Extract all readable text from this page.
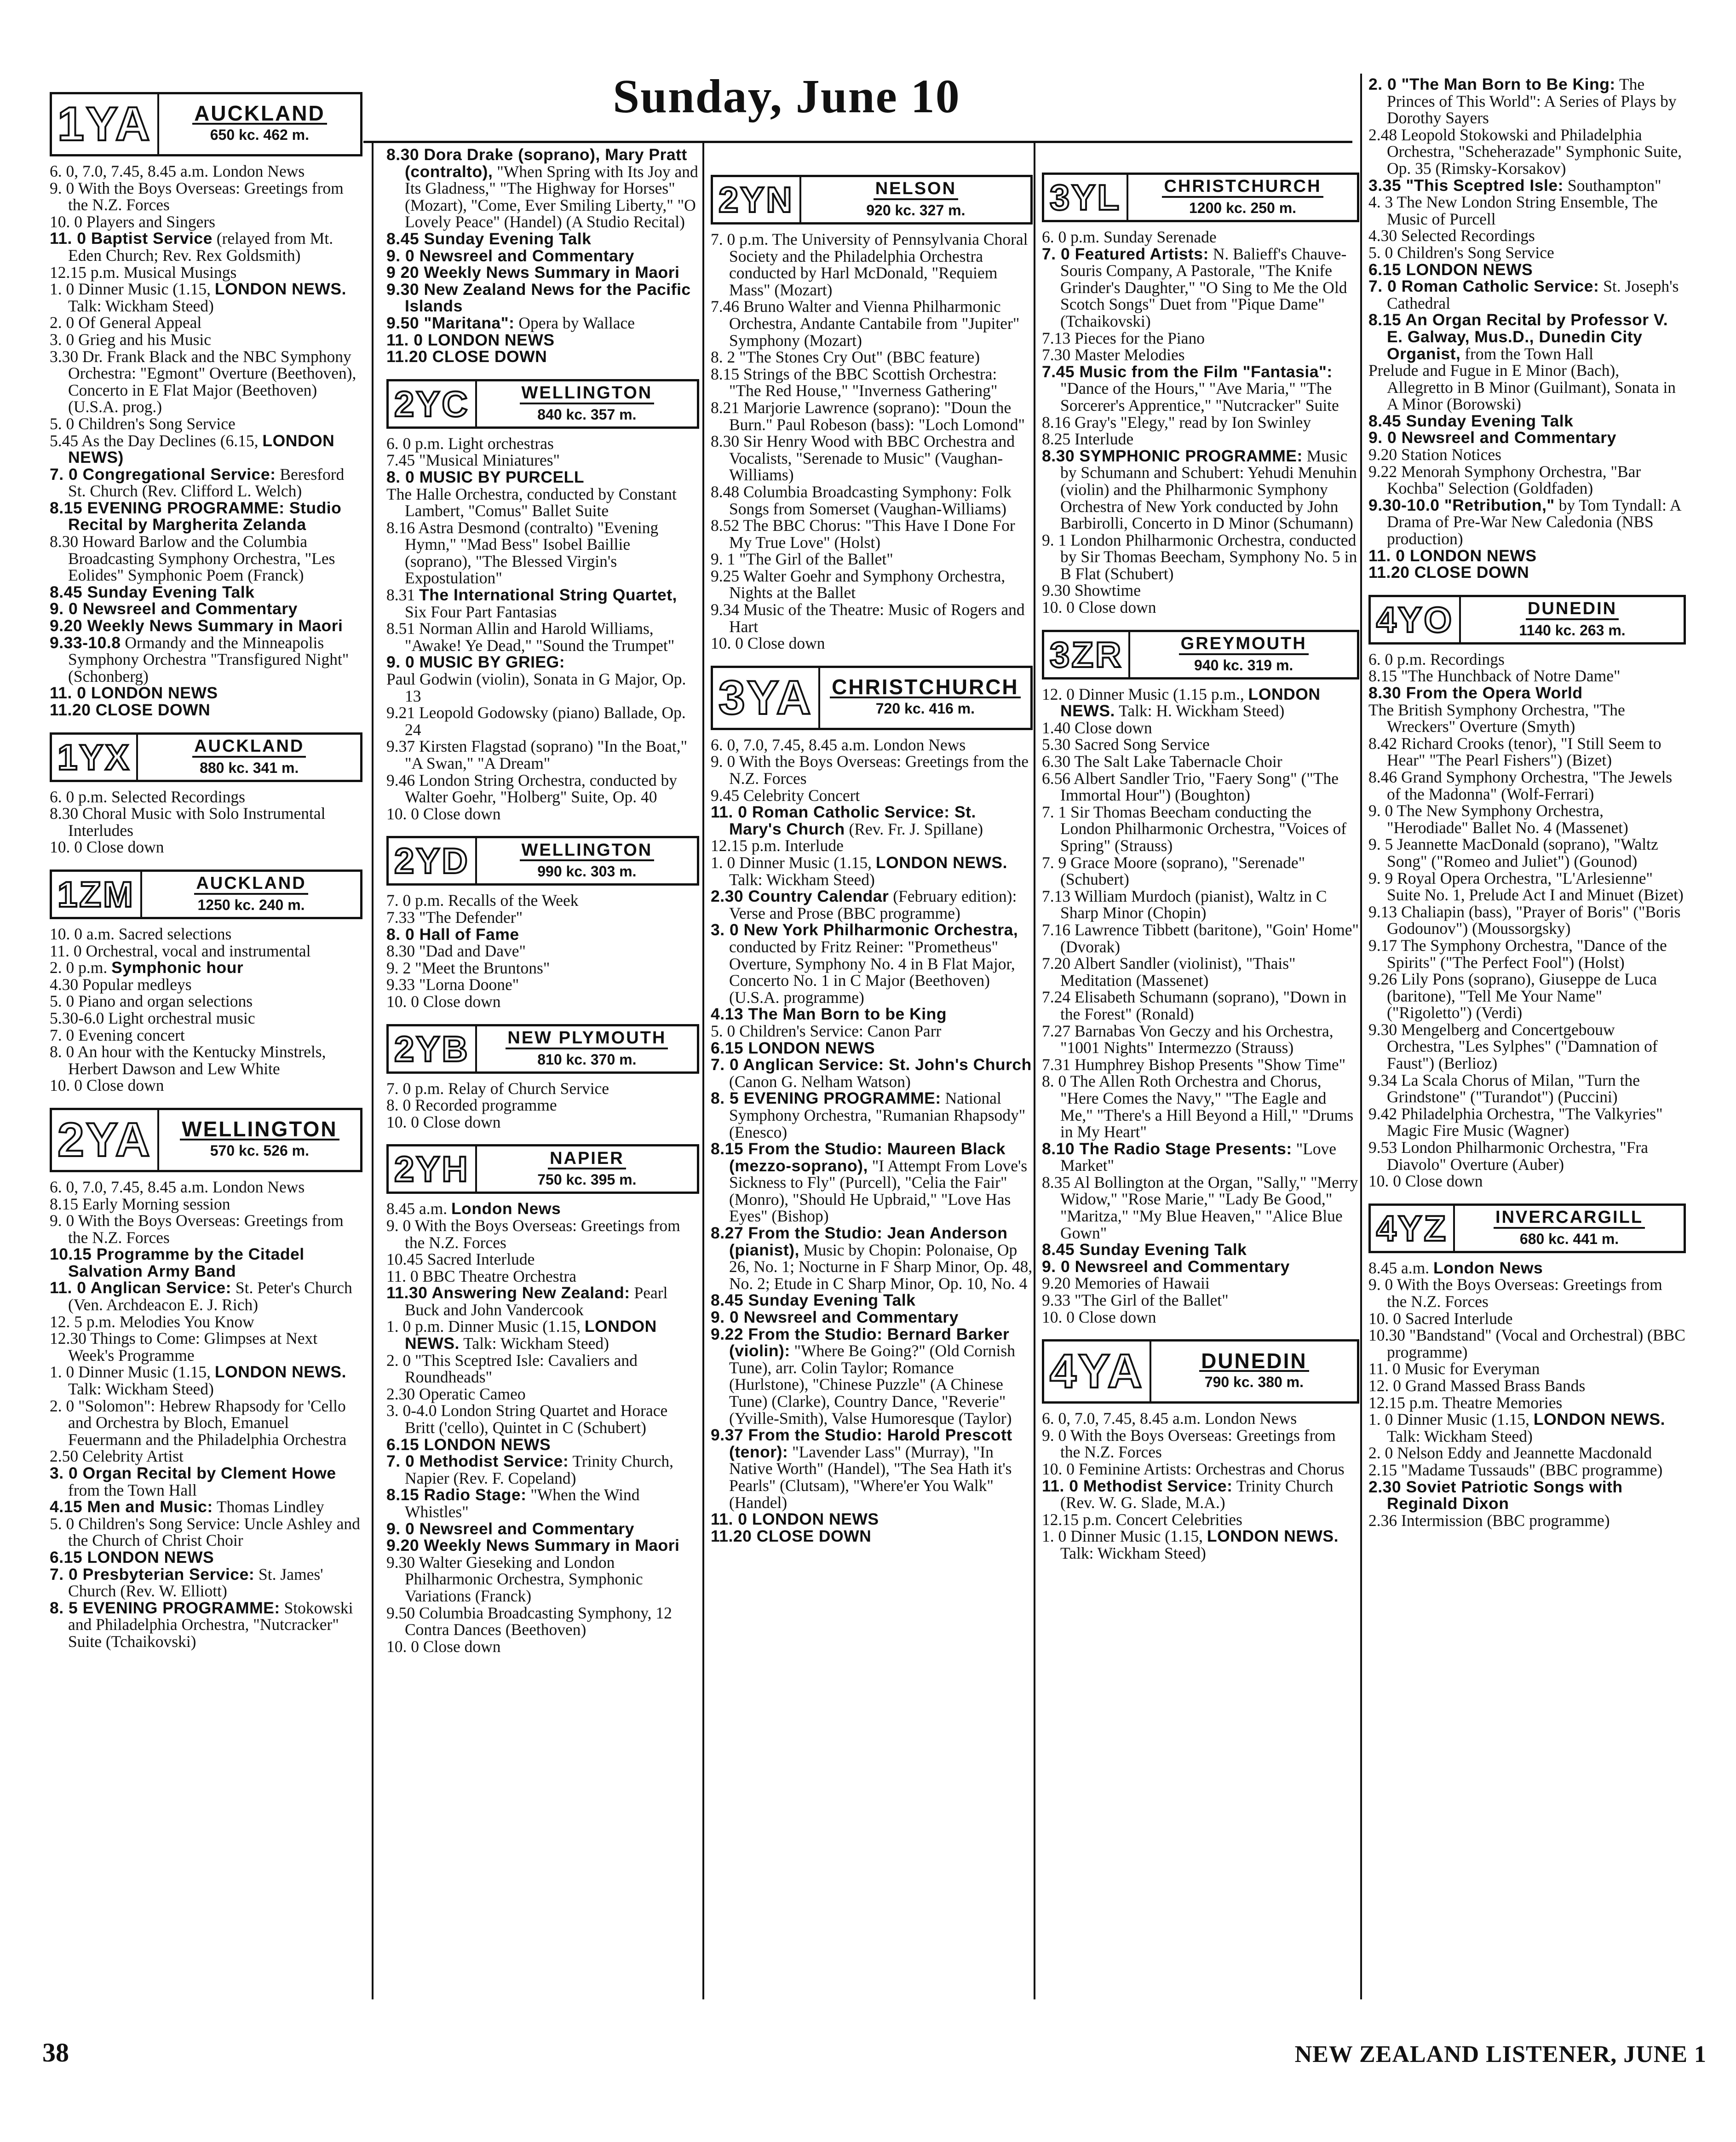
Sunday, June 10
1YA AUCKLAND
650 kc. 462 m.
6. 0, 7.0, 7.45, 8.45 a.m. London News
9. 0 With the Boys Overseas: Greetings from the N.Z. Forces
10. 0 Players and Singers
11. 0 Baptist Service (relayed from Mt. Eden Church; Rev. Rex Goldsmith)
12.15 p.m. Musical Musings
1. 0 Dinner Music (1.15, LONDON NEWS. Talk: Wickham Steed)
2. 0 Of General Appeal
3. 0 Grieg and his Music
3.30 Dr. Frank Black and the NBC Symphony Orchestra: "Egmont" Overture (Beethoven), Concerto in E Flat Major (Beethoven) (U.S.A. prog.)
5. 0 Children's Song Service
5.45 As the Day Declines (6.15, LONDON NEWS)
7. 0 Congregational Service: Beresford St. Church (Rev. Clifford L. Welch)
8.15 EVENING PROGRAMME: Studio Recital by Margherita Zelanda
8.30 Howard Barlow and the Columbia Broadcasting Symphony Orchestra, "Les Eolides" Symphonic Poem (Franck)
8.45 Sunday Evening Talk
9. 0 Newsreel and Commentary
9.20 Weekly News Summary in Maori
9.33-10.8 Ormandy and the Minneapolis Symphony Orchestra "Transfigured Night" (Schonberg)
11. 0 LONDON NEWS
11.20 CLOSE DOWN
1YX	AUCKLAND
880 kc. 341 m.
6. 0 p.m. Selected Recordings
8.30 Choral Music with Solo Instrumental Interludes
10. 0 Close down
1ZM	AUCKLAND
1250 kc. 240 m.
10. 0 a.m. Sacred selections
11. 0 Orchestral, vocal and instrumental
2. 0 p.m. Symphonic hour
4.30 Popular medleys
5. 0 Piano and organ selections
5.30-6.0 Light orchestral music
7. 0 Evening concert
8. 0 An hour with the Kentucky Minstrels, Herbert Dawson and Lew White
10. 0 Close down
2YA WELLINGTON
570 kc. 526 m.
6. 0, 7.0, 7.45, 8.45 a.m. London News
8.15 Early Morning session
9. 0 With the Boys Overseas: Greetings from the N.Z. Forces
10.15 Programme by the Citadel Salvation Army Band
11. 0 Anglican Service: St. Peter's Church (Ven. Archdeacon E. J. Rich)
12. 5 p.m. Melodies You Know
12.30 Things to Come: Glimpses at Next Week's Programme
1. 0 Dinner Music (1.15, LONDON NEWS. Talk: Wickham Steed)
2. 0 "Solomon": Hebrew Rhapsody for 'Cello and Orchestra by Bloch, Emanuel Feuermann and the Philadelphia Orchestra
2.50 Celebrity Artist
3. 0 Organ Recital by Clement Howe from the Town Hall
4.15 Men and Music: Thomas Lindley
5. 0 Children's Song Service: Uncle Ashley and the Church of Christ Choir
6.15 LONDON NEWS
7. 0 Presbyterian Service: St. James' Church (Rev. W. Elliott)
8. 5 EVENING PROGRAMME: Stokowski and Philadelphia Orchestra, "Nutcracker" Suite (Tchaikovski)
8.30 Dora Drake (soprano), Mary Pratt (contralto), "When Spring with Its Joy and Its Gladness," "The Highway for Horses" (Mozart), "Come, Ever Smiling Liberty," "O Lovely Peace" (Handel) (A Studio Recital)
8.45 Sunday Evening Talk
9. 0 Newsreel and Commentary
9 20 Weekly News Summary in Maori
9.30 New Zealand News for the Pacific Islands
9.50 "Maritana": Opera by Wallace
11. 0 LONDON NEWS
11.20 CLOSE DOWN
2YC	WELLINGTON
840 kc. 357 m.
6. 0 p.m. Light orchestras
7.45 "Musical Miniatures"
8. 0 MUSIC BY PURCELL
The Halle Orchestra, conducted by Constant Lambert, "Comus" Ballet Suite
8.16 Astra Desmond (contralto) "Evening Hymn," "Mad Bess" Isobel Baillie (soprano), "The Blessed Virgin's Expostulation"
8.31 The International String Quartet, Six Four Part Fantasias
8.51 Norman Allin and Harold Williams, "Awake! Ye Dead," "Sound the Trumpet"
9. 0 MUSIC BY GRIEG:
Paul Godwin (violin), Sonata in G Major, Op. 13
9.21 Leopold Godowsky (piano) Ballade, Op. 24
9.37 Kirsten Flagstad (soprano) "In the Boat," "A Swan," "A Dream"
9.46 London String Orchestra, conducted by Walter Goehr, "Holberg" Suite, Op. 40
10. 0 Close down
2YD	WELLINGTON
990 kc. 303 m.
7. 0 p.m. Recalls of the Week
7.33 "The Defender"
8. 0 Hall of Fame
8.30 "Dad and Dave"
9. 2 "Meet the Bruntons"
9.33 "Lorna Doone"
10. 0 Close down
2YB NEW PLYMOUTH
810 kc. 370 m.
7. 0 p.m. Relay of Church Service
8. 0 Recorded programme
10. 0 Close down
2YH	NAPIER
750 kc. 395 m.
8.45 a.m. London News
9. 0 With the Boys Overseas: Greetings from the N.Z. Forces
10.45 Sacred Interlude
11. 0 BBC Theatre Orchestra
11.30 Answering New Zealand: Pearl Buck and John Vandercook
1. 0 p.m. Dinner Music (1.15, LONDON NEWS. Talk: Wickham Steed)
2. 0 "This Sceptred Isle: Cavaliers and Roundheads"
2.30 Operatic Cameo
3. 0-4.0 London String Quartet and Horace Britt ('cello), Quintet in C (Schubert)
6.15 LONDON NEWS
7. 0 Methodist Service: Trinity Church, Napier (Rev. F. Copeland)
8.15 Radio Stage: "When the Wind Whistles"
9. 0 Newsreel and Commentary
9.20 Weekly News Summary in Maori
9.30 Walter Gieseking and London Philharmonic Orchestra, Symphonic Variations (Franck)
9.50 Columbia Broadcasting Symphony, 12 Contra Dances (Beethoven)
10. 0 Close down
2YN	NELSON
920 kc. 327 m.
7. 0 p.m. The University of Pennsylvania Choral Society and the Philadelphia Orchestra conducted by Harl McDonald, "Requiem Mass" (Mozart)
7.46 Bruno Walter and Vienna Philharmonic Orchestra, Andante Cantabile from "Jupiter" Symphony (Mozart)
8. 2 "The Stones Cry Out" (BBC feature)
8.15 Strings of the BBC Scottish Orchestra: "The Red House," "Inverness Gathering"
8.21 Marjorie Lawrence (soprano): "Doun the Burn." Paul Robeson (bass): "Loch Lomond"
8.30 Sir Henry Wood with BBC Orchestra and Vocalists, "Serenade to Music" (Vaughan-Williams)
8.48 Columbia Broadcasting Symphony: Folk Songs from Somerset (Vaughan-Williams)
8.52 The BBC Chorus: "This Have I Done For My True Love" (Holst)
9. 1 "The Girl of the Ballet"
9.25 Walter Goehr and Symphony Orchestra, Nights at the Ballet
9.34 Music of the Theatre: Music of Rogers and Hart
10. 0 Close down
3YA CHRISTCHURCH
720 kc. 416 m.
6. 0, 7.0, 7.45, 8.45 a.m. London News
9. 0 With the Boys Overseas: Greetings from the N.Z. Forces
9.45 Celebrity Concert
11. 0 Roman Catholic Service: St. Mary's Church (Rev. Fr. J. Spillane)
12.15 p.m. Interlude
1. 0 Dinner Music (1.15, LONDON NEWS. Talk: Wickham Steed)
2.30 Country Calendar (February edition): Verse and Prose (BBC programme)
3. 0 New York Philharmonic Orchestra, conducted by Fritz Reiner: "Prometheus" Overture, Symphony No. 4 in B Flat Major, Concerto No. 1 in C Major (Beethoven) (U.S.A. programme)
4.13 The Man Born to be King
5. 0 Children's Service: Canon Parr
6.15 LONDON NEWS
7. 0 Anglican Service: St. John's Church (Canon G. Nelham Watson)
8. 5 EVENING PROGRAMME: National Symphony Orchestra, "Rumanian Rhapsody" (Enesco)
8.15 From the Studio: Maureen Black (mezzo-soprano), "I Attempt From Love's Sickness to Fly" (Purcell), "Celia the Fair" (Monro), "Should He Upbraid," "Love Has Eyes" (Bishop)
8.27 From the Studio: Jean Anderson (pianist), Music by Chopin: Polonaise, Op 26, No. 1; Nocturne in F Sharp Minor, Op. 48, No. 2; Etude in C Sharp Minor, Op. 10, No. 4
8.45 Sunday Evening Talk
9. 0 Newsreel and Commentary
9.22 From the Studio: Bernard Barker (violin): "Where Be Going?" (Old Cornish Tune), arr. Colin Taylor; Romance (Hurlstone), "Chinese Puzzle" (A Chinese Tune) (Clarke), Country Dance, "Reverie" (Yville-Smith), Valse Humoresque (Taylor)
9.37 From the Studio: Harold Prescott (tenor): "Lavender Lass" (Murray), "In Native Worth" (Handel), "The Sea Hath it's Pearls" (Clutsam), "Where'er You Walk" (Handel)
11. 0 LONDON NEWS
11.20 CLOSE DOWN
3YL CHRISTCHURCH
1200 kc. 250 m.
6. 0 p.m. Sunday Serenade
7. 0 Featured Artists: N. Balieff's Chauve-Souris Company, A Pastorale, "The Knife Grinder's Daughter," "O Sing to Me the Old Scotch Songs" Duet from "Pique Dame" (Tchaikovski)
7.13 Pieces for the Piano
7.30 Master Melodies
7.45 Music from the Film "Fantasia": "Dance of the Hours," "Ave Maria," "The Sorcerer's Apprentice," "Nutcracker" Suite
8.16 Gray's "Elegy," read by Ion Swinley
8.25 Interlude
8.30 SYMPHONIC PROGRAMME: Music by Schumann and Schubert: Yehudi Menuhin (violin) and the Philharmonic Symphony Orchestra of New York conducted by John Barbirolli, Concerto in D Minor (Schumann)
9. 1 London Philharmonic Orchestra, conducted by Sir Thomas Beecham, Symphony No. 5 in B Flat (Schubert)
9.30 Showtime
10. 0 Close down
3ZR	GREYMOUTH
940 kc. 319 m.
12. 0 Dinner Music (1.15 p.m., LONDON NEWS. Talk: H. Wickham Steed)
1.40 Close down
5.30 Sacred Song Service
6.30 The Salt Lake Tabernacle Choir
6.56 Albert Sandler Trio, "Faery Song" ("The Immortal Hour") (Boughton)
7. 1 Sir Thomas Beecham conducting the London Philharmonic Orchestra, "Voices of Spring" (Strauss)
7. 9 Grace Moore (soprano), "Serenade" (Schubert)
7.13 William Murdoch (pianist), Waltz in C Sharp Minor (Chopin)
7.16 Lawrence Tibbett (baritone), "Goin' Home" (Dvorak)
7.20 Albert Sandler (violinist), "Thais" Meditation (Massenet)
7.24 Elisabeth Schumann (soprano), "Down in the Forest" (Ronald)
7.27 Barnabas Von Geczy and his Orchestra, "1001 Nights" Intermezzo (Strauss)
7.31 Humphrey Bishop Presents "Show Time"
8. 0 The Allen Roth Orchestra and Chorus, "Here Comes the Navy," "The Eagle and Me," "There's a Hill Beyond a Hill," "Drums in My Heart"
8.10 The Radio Stage Presents: "Love Market"
8.35 Al Bollington at the Organ, "Sally," "Merry Widow," "Rose Marie," "Lady Be Good," "Maritza," "My Blue Heaven," "Alice Blue Gown"
8.45 Sunday Evening Talk
9. 0 Newsreel and Commentary
9.20 Memories of Hawaii
9.33 "The Girl of the Ballet"
10. 0 Close down
4YA	DUNEDIN
790 kc. 380 m.
6. 0, 7.0, 7.45, 8.45 a.m. London News
9. 0 With the Boys Overseas: Greetings from the N.Z. Forces
10. 0 Feminine Artists: Orchestras and Chorus
11. 0 Methodist Service: Trinity Church (Rev. W. G. Slade, M.A.)
12.15 p.m. Concert Celebrities
1. 0 Dinner Music (1.15, LONDON NEWS. Talk: Wickham Steed)
2. 0 "The Man Born to Be King: The Princes of This World": A Series of Plays by Dorothy Sayers
2.48 Leopold Stokowski and Philadelphia Orchestra, "Scheherazade" Symphonic Suite, Op. 35 (Rimsky-Korsakov)
3.35 "This Sceptred Isle: Southampton"
4. 3 The New London String Ensemble, The Music of Purcell
4.30 Selected Recordings
5. 0 Children's Song Service
6.15 LONDON NEWS
7. 0 Roman Catholic Service: St. Joseph's Cathedral
8.15 An Organ Recital by Professor V. E. Galway, Mus.D., Dunedin City Organist, from the Town Hall
Prelude and Fugue in E Minor (Bach), Allegretto in B Minor (Guilmant), Sonata in A Minor (Borowski)
8.45 Sunday Evening Talk
9. 0 Newsreel and Commentary
9.20 Station Notices
9.22 Menorah Symphony Orchestra, "Bar Kochba" Selection (Goldfaden)
9.30-10.0 "Retribution," by Tom Tyndall: A Drama of Pre-War New Caledonia (NBS production)
11. 0 LONDON NEWS
11.20 CLOSE DOWN
4YO	DUNEDIN
1140 kc. 263 m.
6. 0 p.m. Recordings
8.15 "The Hunchback of Notre Dame"
8.30 From the Opera World
The British Symphony Orchestra, "The Wreckers" Overture (Smyth)
8.42 Richard Crooks (tenor), "I Still Seem to Hear" "The Pearl Fishers") (Bizet)
8.46 Grand Symphony Orchestra, "The Jewels of the Madonna" (Wolf-Ferrari)
9. 0 The New Symphony Orchestra, "Herodiade" Ballet No. 4 (Massenet)
9. 5 Jeannette MacDonald (soprano), "Waltz Song" ("Romeo and Juliet") (Gounod)
9. 9 Royal Opera Orchestra, "L'Arlesienne" Suite No. 1, Prelude Act I and Minuet (Bizet)
9.13 Chaliapin (bass), "Prayer of Boris" ("Boris Godounov") (Moussorgsky)
9.17 The Symphony Orchestra, "Dance of the Spirits" ("The Perfect Fool") (Holst)
9.26 Lily Pons (soprano), Giuseppe de Luca (baritone), "Tell Me Your Name" ("Rigoletto") (Verdi)
9.30 Mengelberg and Concertgebouw Orchestra, "Les Sylphes" ("Damnation of Faust") (Berlioz)
9.34 La Scala Chorus of Milan, "Turn the Grindstone" ("Turandot") (Puccini)
9.42 Philadelphia Orchestra, "The Valkyries" Magic Fire Music (Wagner)
9.53 London Philharmonic Orchestra, "Fra Diavolo" Overture (Auber)
10. 0 Close down
4YZ	INVERCARGILL
680 kc. 441 m.
8.45 a.m. London News
9. 0 With the Boys Overseas: Greetings from the N.Z. Forces
10. 0 Sacred Interlude
10.30 "Bandstand" (Vocal and Orchestral) (BBC programme)
11. 0 Music for Everyman
12. 0 Grand Massed Brass Bands
12.15 p.m. Theatre Memories
1. 0 Dinner Music (1.15, LONDON NEWS. Talk: Wickham Steed)
2. 0 Nelson Eddy and Jeannette Macdonald
2.15 "Madame Tussauds" (BBC programme)
2.30 Soviet Patriotic Songs with Reginald Dixon
2.36 Intermission (BBC programme)
38	NEW ZEALAND LISTENER, JUNE 1
